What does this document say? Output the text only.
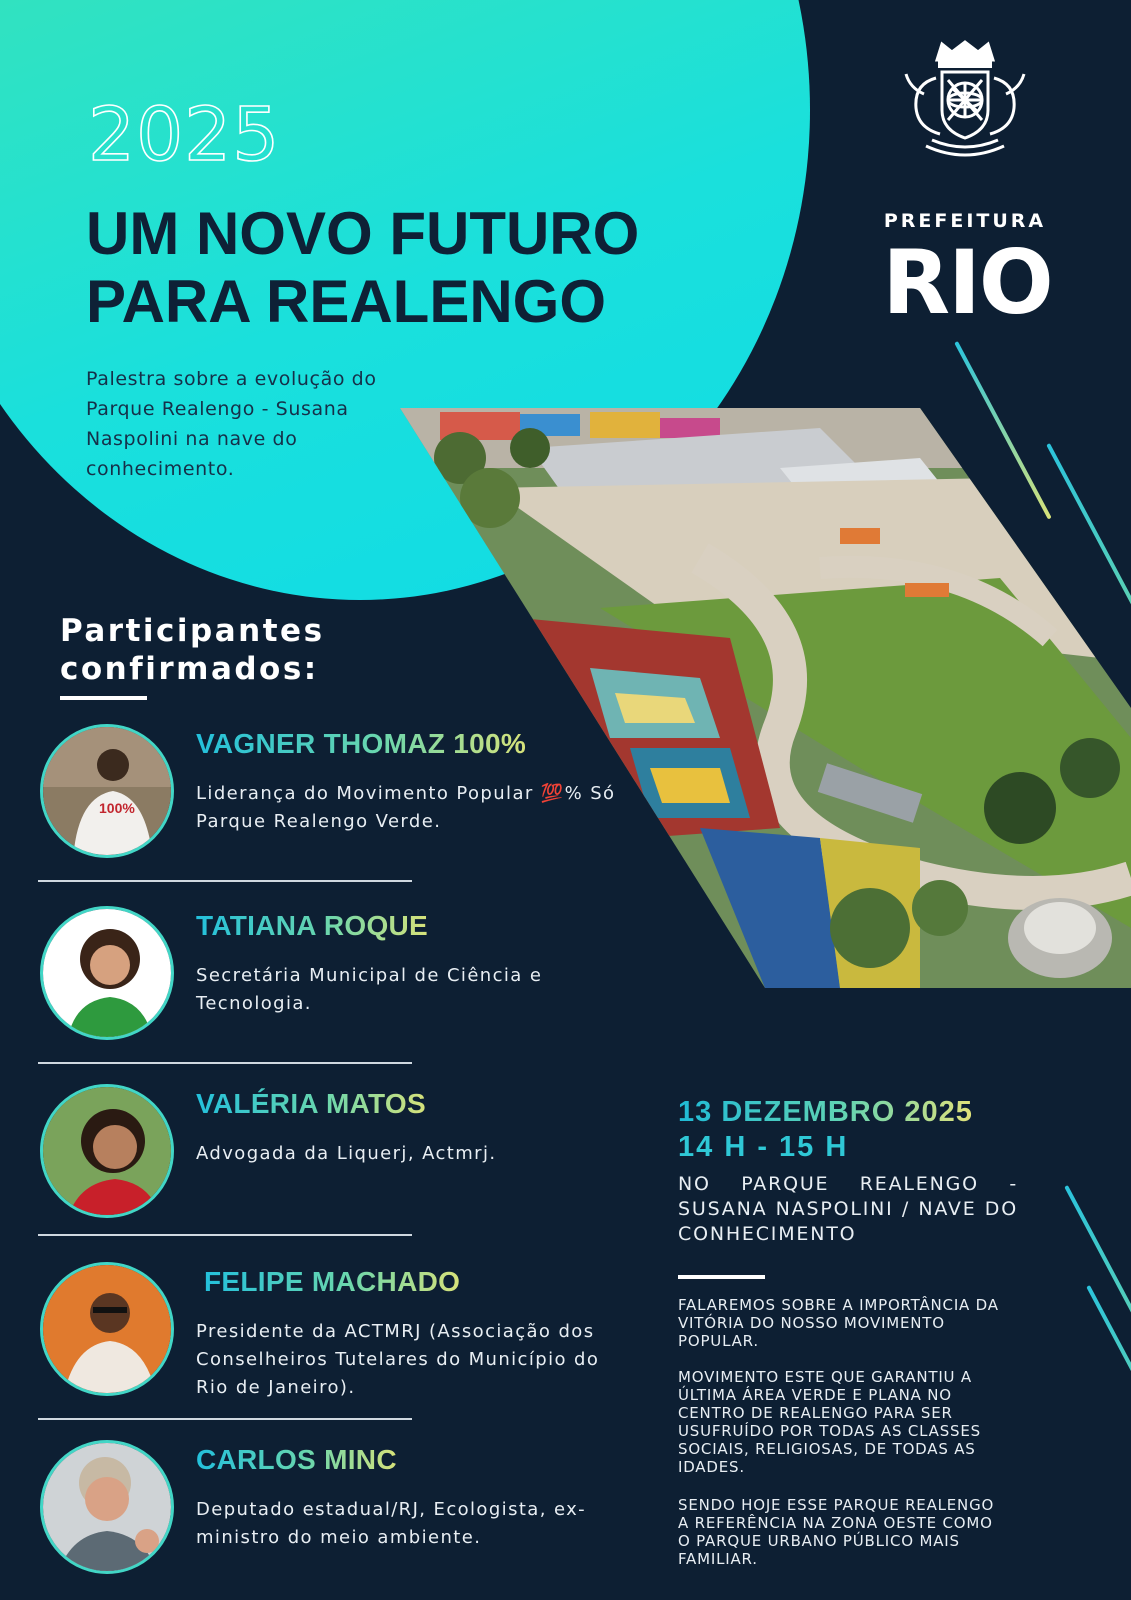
2025
UM NOVO FUTURO
PARA REALENGO
Palestra sobre a evolução do Parque Realengo - Susana Naspolini na nave do conhecimento.
PREFEITURA
RIO
Participantes
confirmados:
100%
VAGNER THOMAZ 100%
Liderança do Movimento Popular 💯% Só Parque Realengo Verde.
TATIANA ROQUE
Secretária Municipal de Ciência e Tecnologia.
VALÉRIA MATOS
Advogada da Liquerj, Actmrj.
FELIPE MACHADO
Presidente da ACTMRJ (Associação dos Conselheiros Tutelares do Município do Rio de Janeiro).
CARLOS MINC
Deputado estadual/RJ, Ecologista, ex-ministro do meio ambiente.
13 DEZEMBRO 2025
14 H - 15 H
NO PARQUE REALENGO - SUSANA NASPOLINI / NAVE DO CONHECIMENTO
FALAREMOS SOBRE A IMPORTÂNCIA DA VITÓRIA DO NOSSO MOVIMENTO POPULAR.
MOVIMENTO ESTE QUE GARANTIU A ÚLTIMA ÁREA VERDE E PLANA NO CENTRO DE REALENGO PARA SER USUFRUÍDO POR TODAS AS CLASSES SOCIAIS, RELIGIOSAS, DE TODAS AS IDADES.
SENDO HOJE ESSE PARQUE REALENGO A REFERÊNCIA NA ZONA OESTE COMO O PARQUE URBANO PÚBLICO MAIS FAMILIAR.
